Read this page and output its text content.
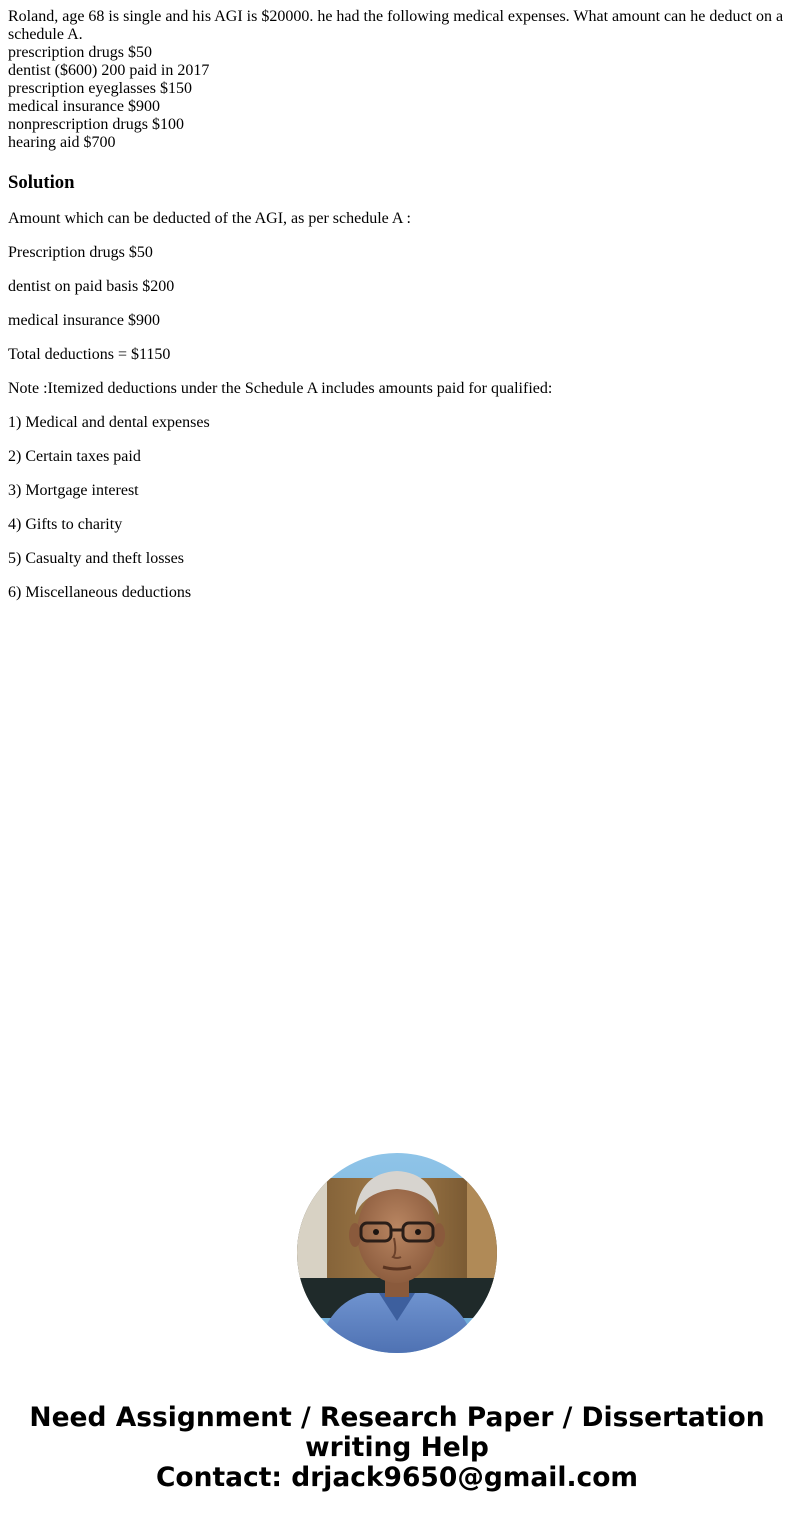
Roland, age 68 is single and his AGI is $20000. he had the following medical expenses. What amount can he deduct on a schedule A.
prescription drugs $50
dentist ($600) 200 paid in 2017
prescription eyeglasses $150
medical insurance $900
nonprescription drugs $100
hearing aid $700
Solution

Amount which can be deducted of the AGI, as per schedule A :

Prescription drugs $50

dentist on paid basis $200

medical insurance $900

Total deductions = $1150

Note :Itemized deductions under the Schedule A includes amounts paid for qualified:

1) Medical and dental expenses

2) Certain taxes paid

3) Mortgage interest

4) Gifts to charity

5) Casualty and theft losses

6) Miscellaneous deductions

Need Assignment / Research Paper / Dissertation
writing Help
Contact: drjack9650@gmail.com
